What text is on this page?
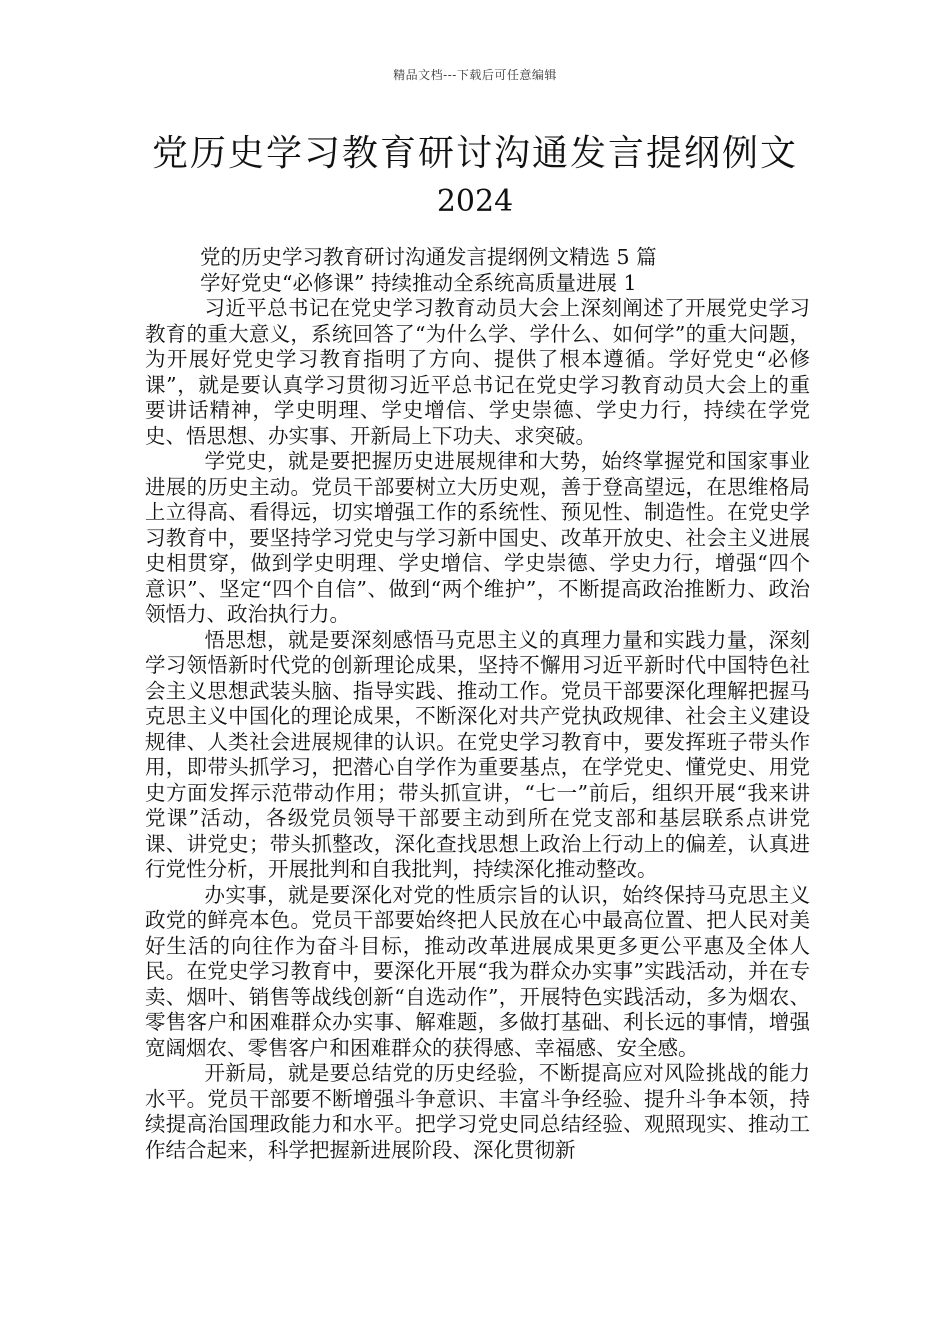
精品文档---下载后可任意编辑
党历史学习教育研讨沟通发言提纲例文
2024
党的历史学习教育研讨沟通发言提纲例文精选 5 篇
学好党史“必修课” 持续推动全系统高质量进展 1

习近平总书记在党史学习教育动员大会上深刻阐述了开展党史学习教育的重大意义，系统回答了“为什么学、学什么、如何学”的重大问题，为开展好党史学习教育指明了方向、提供了根本遵循。学好党史“必修课”，就是要认真学习贯彻习近平总书记在党史学习教育动员大会上的重要讲话精神，学史明理、学史增信、学史崇德、学史力行，持续在学党史、悟思想、办实事、开新局上下功夫、求突破。

学党史，就是要把握历史进展规律和大势，始终掌握党和国家事业进展的历史主动。党员干部要树立大历史观，善于登高望远，在思维格局上立得高、看得远，切实增强工作的系统性、预见性、制造性。在党史学习教育中，要坚持学习党史与学习新中国史、改革开放史、社会主义进展史相贯穿，做到学史明理、学史增信、学史崇德、学史力行，增强“四个意识”、坚定“四个自信”、做到“两个维护”，不断提高政治推断力、政治领悟力、政治执行力。

悟思想，就是要深刻感悟马克思主义的真理力量和实践力量，深刻学习领悟新时代党的创新理论成果，坚持不懈用习近平新时代中国特色社会主义思想武装头脑、指导实践、推动工作。党员干部要深化理解把握马克思主义中国化的理论成果，不断深化对共产党执政规律、社会主义建设规律、人类社会进展规律的认识。在党史学习教育中，要发挥班子带头作用，即带头抓学习，把潜心自学作为重要基点，在学党史、懂党史、用党史方面发挥示范带动作用；带头抓宣讲，“七一”前后，组织开展“我来讲党课”活动，各级党员领导干部要主动到所在党支部和基层联系点讲党课、讲党史；带头抓整改，深化查找思想上政治上行动上的偏差，认真进行党性分析，开展批判和自我批判，持续深化推动整改。

办实事，就是要深化对党的性质宗旨的认识，始终保持马克思主义政党的鲜亮本色。党员干部要始终把人民放在心中最高位置、把人民对美好生活的向往作为奋斗目标，推动改革进展成果更多更公平惠及全体人民。在党史学习教育中，要深化开展“我为群众办实事”实践活动，并在专卖、烟叶、销售等战线创新“自选动作”，开展特色实践活动，多为烟农、零售客户和困难群众办实事、解难题，多做打基础、利长远的事情，增强宽阔烟农、零售客户和困难群众的获得感、幸福感、安全感。

开新局，就是要总结党的历史经验，不断提高应对风险挑战的能力水平。党员干部要不断增强斗争意识、丰富斗争经验、提升斗争本领，持续提高治国理政能力和水平。把学习党史同总结经验、观照现实、推动工作结合起来，科学把握新进展阶段、深化贯彻新
